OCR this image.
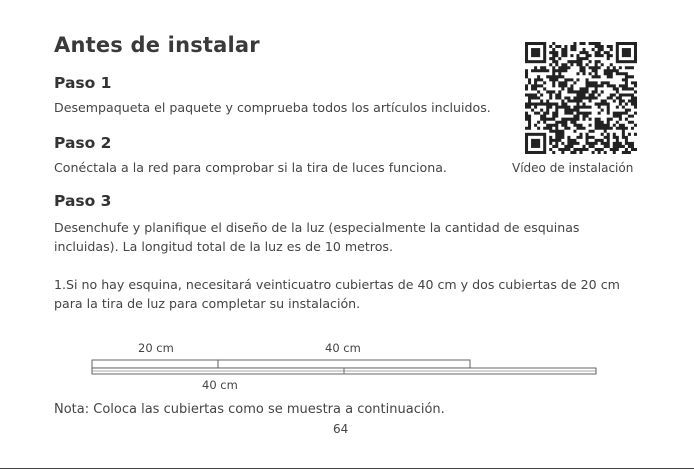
Antes de instalar
Paso 1
Desempaqueta el paquete y comprueba todos los artículos incluidos.
Paso 2
Conéctala a la red para comprobar si la tira de luces funciona.
Paso 3
Desenchufe y planifique el diseño de la luz (especialmente la cantidad de esquinas
incluidas). La longitud total de la luz es de 10 metros.
1.Si no hay esquina, necesitará veinticuatro cubiertas de 40 cm y dos cubiertas de 20 cm
para la tira de luz para completar su instalación.
Vídeo de instalación
20 cm	40 cm
40 cm
Nota: Coloca las cubiertas como se muestra a continuación.
64
